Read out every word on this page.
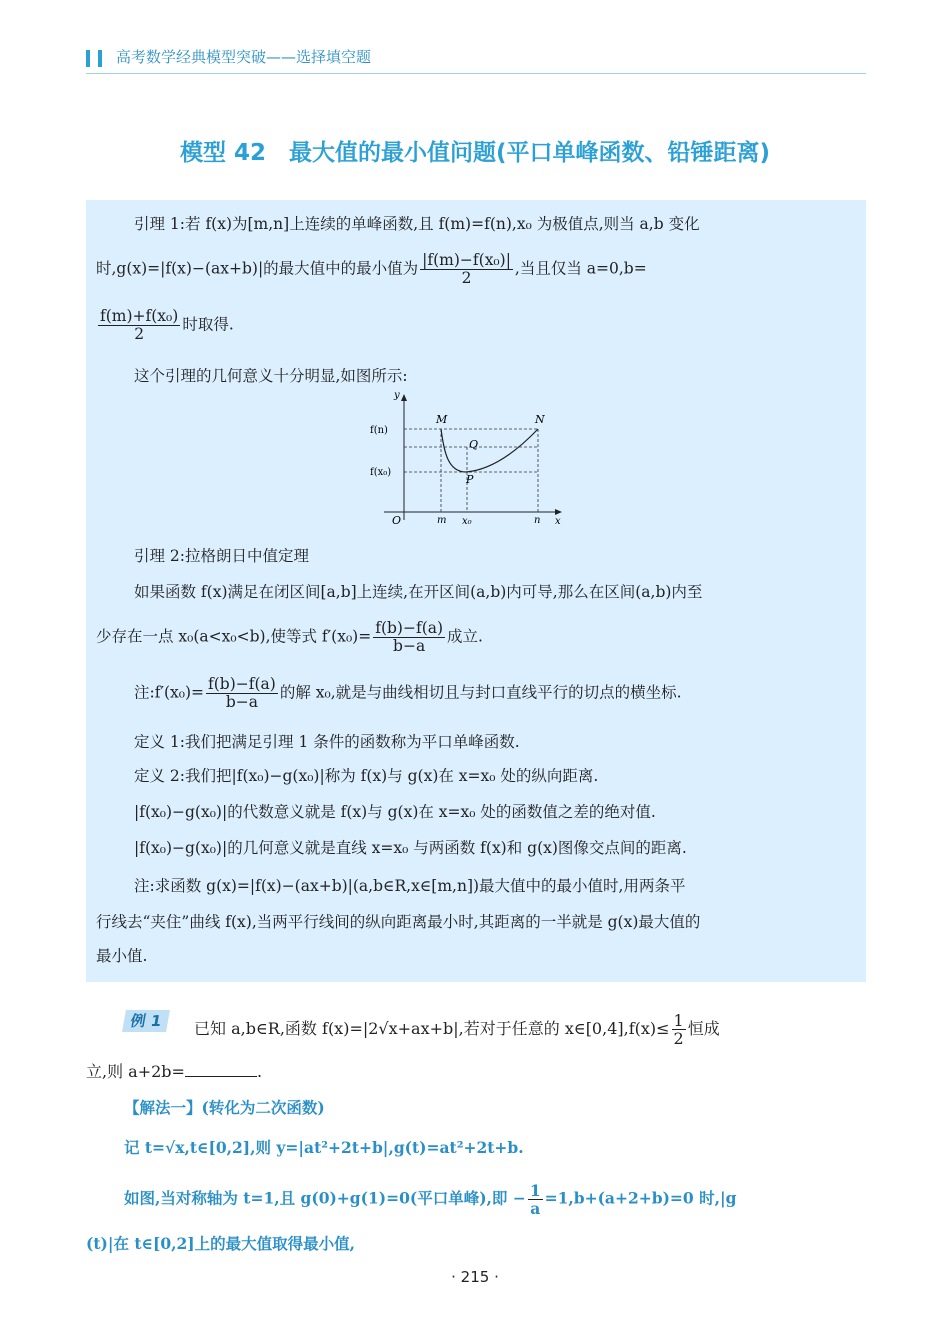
高考数学经典模型突破——选择填空题
模型 42　最大值的最小值问题(平口单峰函数、铅锤距离)
引理 1:若 f(x)为[m,n]上连续的单峰函数,且 f(m)=f(n),x₀ 为极值点,则当 a,b 变化
时,g(x)=|f(x)−(ax+b)|的最大值中的最小值为 $\frac{\text{|f(m)−f(x₀)|}}{2}$ ,当且仅当 a=0,b=
$\frac{\text{f(m)+f(x₀)}}{2}$ 时取得.
这个引理的几何意义十分明显,如图所示:
y
x
O
M	N
Q
P
f(n)
f(x₀)
m x₀	n
引理 2:拉格朗日中值定理
如果函数 f(x)满足在闭区间[a,b]上连续,在开区间(a,b)内可导,那么在区间(a,b)内至
少存在一点 x₀(a<x₀<b),使等式 $f'(x_0)= \frac{f(b)-f(a)}{b-a}$ 成立.
注:f′(x₀)= $\frac{f(b)-f(a)}{b-a}$ 的解 x₀,就是与曲线相切且与封口直线平行的切点的横坐标.
定义 1:我们把满足引理 1 条件的函数称为平口单峰函数.
定义 2:我们把|f(x₀)−g(x₀)|称为 f(x)与 g(x)在 x=x₀ 处的纵向距离.
|f(x₀)−g(x₀)|的代数意义就是 f(x)与 g(x)在 x=x₀ 处的函数值之差的绝对值.
|f(x₀)−g(x₀)|的几何意义就是直线 x=x₀ 与两函数 f(x)和 g(x)图像交点间的距离.
注:求函数 g(x)=|f(x)−(ax+b)|(a,b∈R,x∈[m,n])最大值中的最小值时,用两条平
行线去“夹住”曲线 f(x),当两平行线间的纵向距离最小时,其距离的一半就是 g(x)最大值的
最小值.
例 1	已知 a,b∈R,函数 f(x)=|2√x+ax+b|,若对于任意的 x∈[0,4],f(x)≤ $\frac{1}{2}$ 恒成
立,则 a+2b=	.
【解法一】(转化为二次函数)
记 t=√x,t∈[0,2],则 y=|at²+2t+b|,g(t)=at²+2t+b.
如图,当对称轴为 t=1,且 g(0)+g(1)=0(平口单峰),即 − $\frac{1}{a} =1,b+(a+2+b)=0$ 时,|g
(t)|在 t∈[0,2]上的最大值取得最小值,
· 215 ·
